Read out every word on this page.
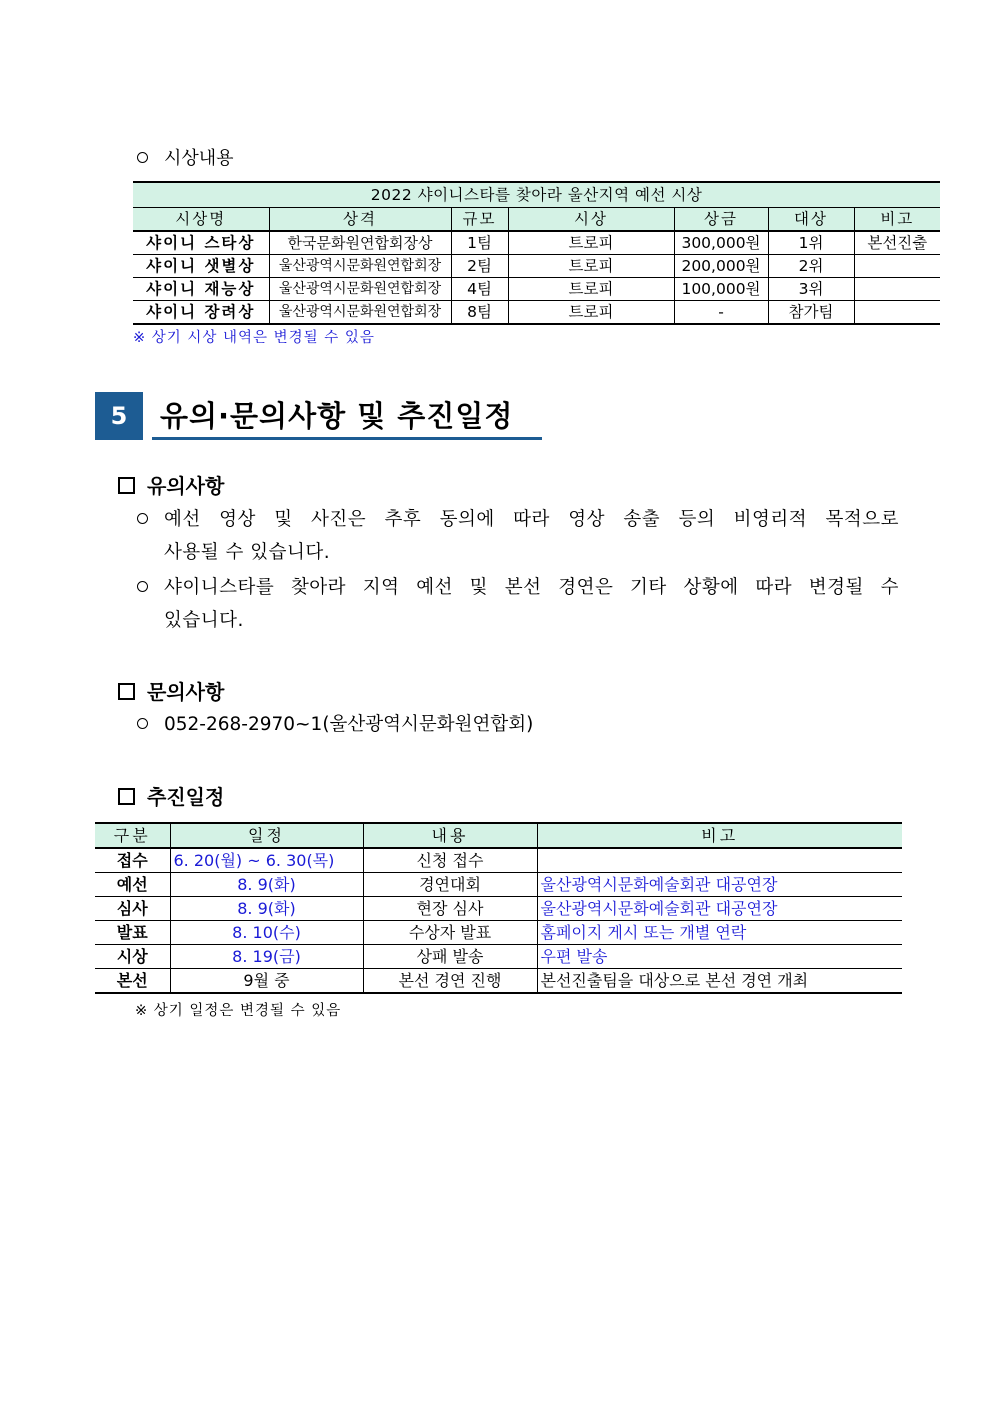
시상내용
2022 샤이니스타를 찾아라 울산지역 예선 시상						
시상명	상격	규모	시상	상금	대상	비고
샤이니 스타상	한국문화원연합회장상	1팀	트로피	300,000원	1위	본선진출
샤이니 샛별상	울산광역시문화원연합회장	2팀	트로피	200,000원	2위	
샤이니 재능상	울산광역시문화원연합회장	4팀	트로피	100,000원	3위	
샤이니 장려상	울산광역시문화원연합회장	8팀	트로피	-	참가팀	
※ 상기 시상 내역은 변경될 수 있음
5	유의·문의사항 및 추진일정
유의사항
예선 영상 및 사진은 추후 동의에 따라 영상 송출 등의 비영리적 목적으로
사용될 수 있습니다.
샤이니스타를 찾아라 지역 예선 및 본선 경연은 기타 상황에 따라 변경될 수
있습니다.
문의사항
052-268-2970~1(울산광역시문화원연합회)
추진일정
구분	일정	내용	비고
접수	6. 20(월) ~ 6. 30(목)	신청 접수	
예선	8. 9(화)	경연대회	울산광역시문화예술회관 대공연장
심사	8. 9(화)	현장 심사	울산광역시문화예술회관 대공연장
발표	8. 10(수)	수상자 발표	홈페이지 게시 또는 개별 연락
시상	8. 19(금)	상패 발송	우편 발송
본선	9월 중	본선 경연 진행	본선진출팀을 대상으로 본선 경연 개최
※ 상기 일정은 변경될 수 있음
